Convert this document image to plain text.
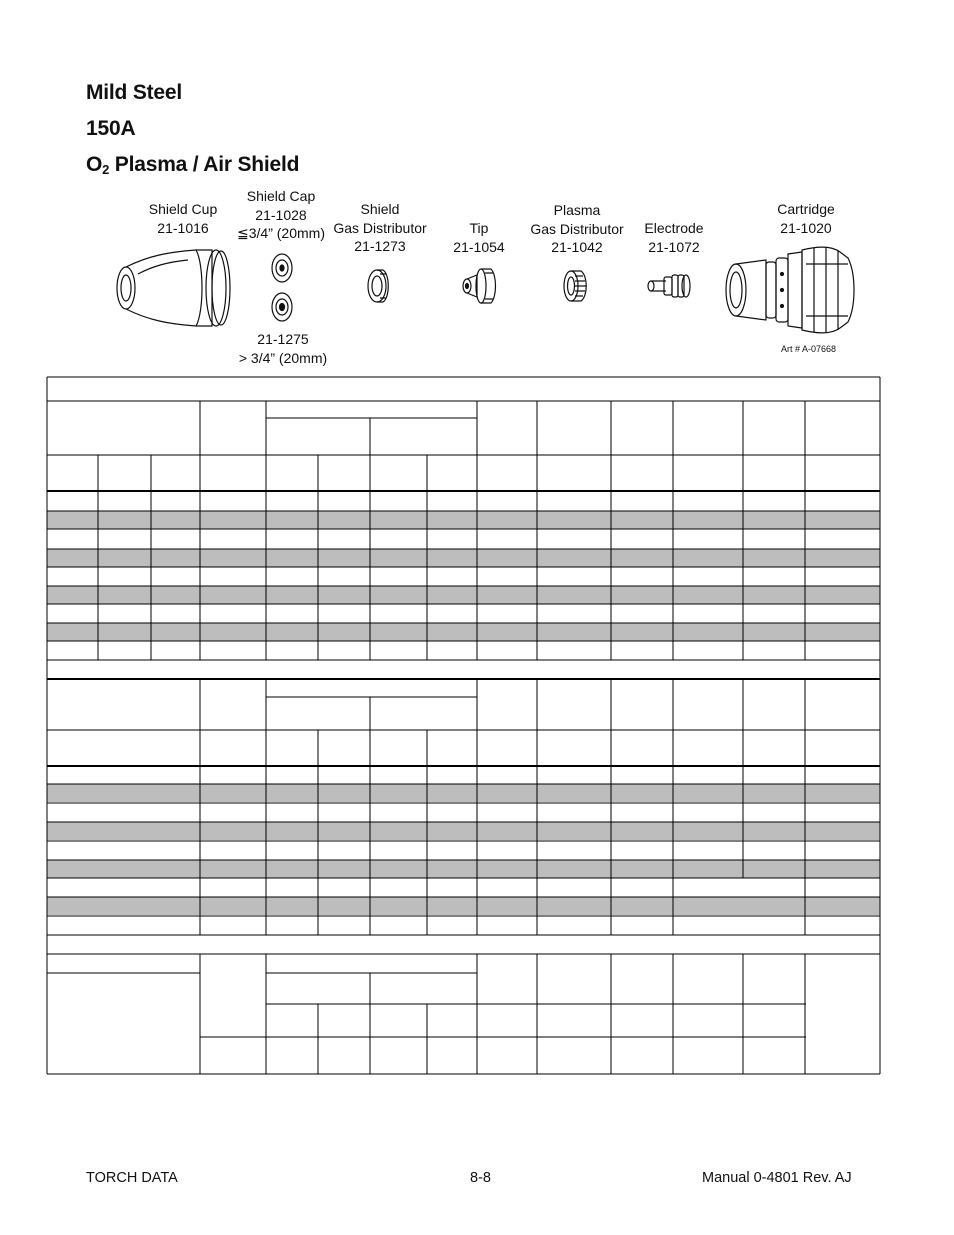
Mild Steel
150A
$O_2$ Plasma / Air Shield
Shield Cup
21-1016
Shield Cap
21-1028
≦3/4” (20mm)
21-1275
> 3/4” (20mm)
Shield
Gas Distributor
21-1273
Tip
21-1054
Plasma
Gas Distributor
21-1042
Electrode
21-1072
Cartridge
21-1020
Art # A-07668
TORCH DATA	8-8	Manual 0-4801 Rev. AJ
